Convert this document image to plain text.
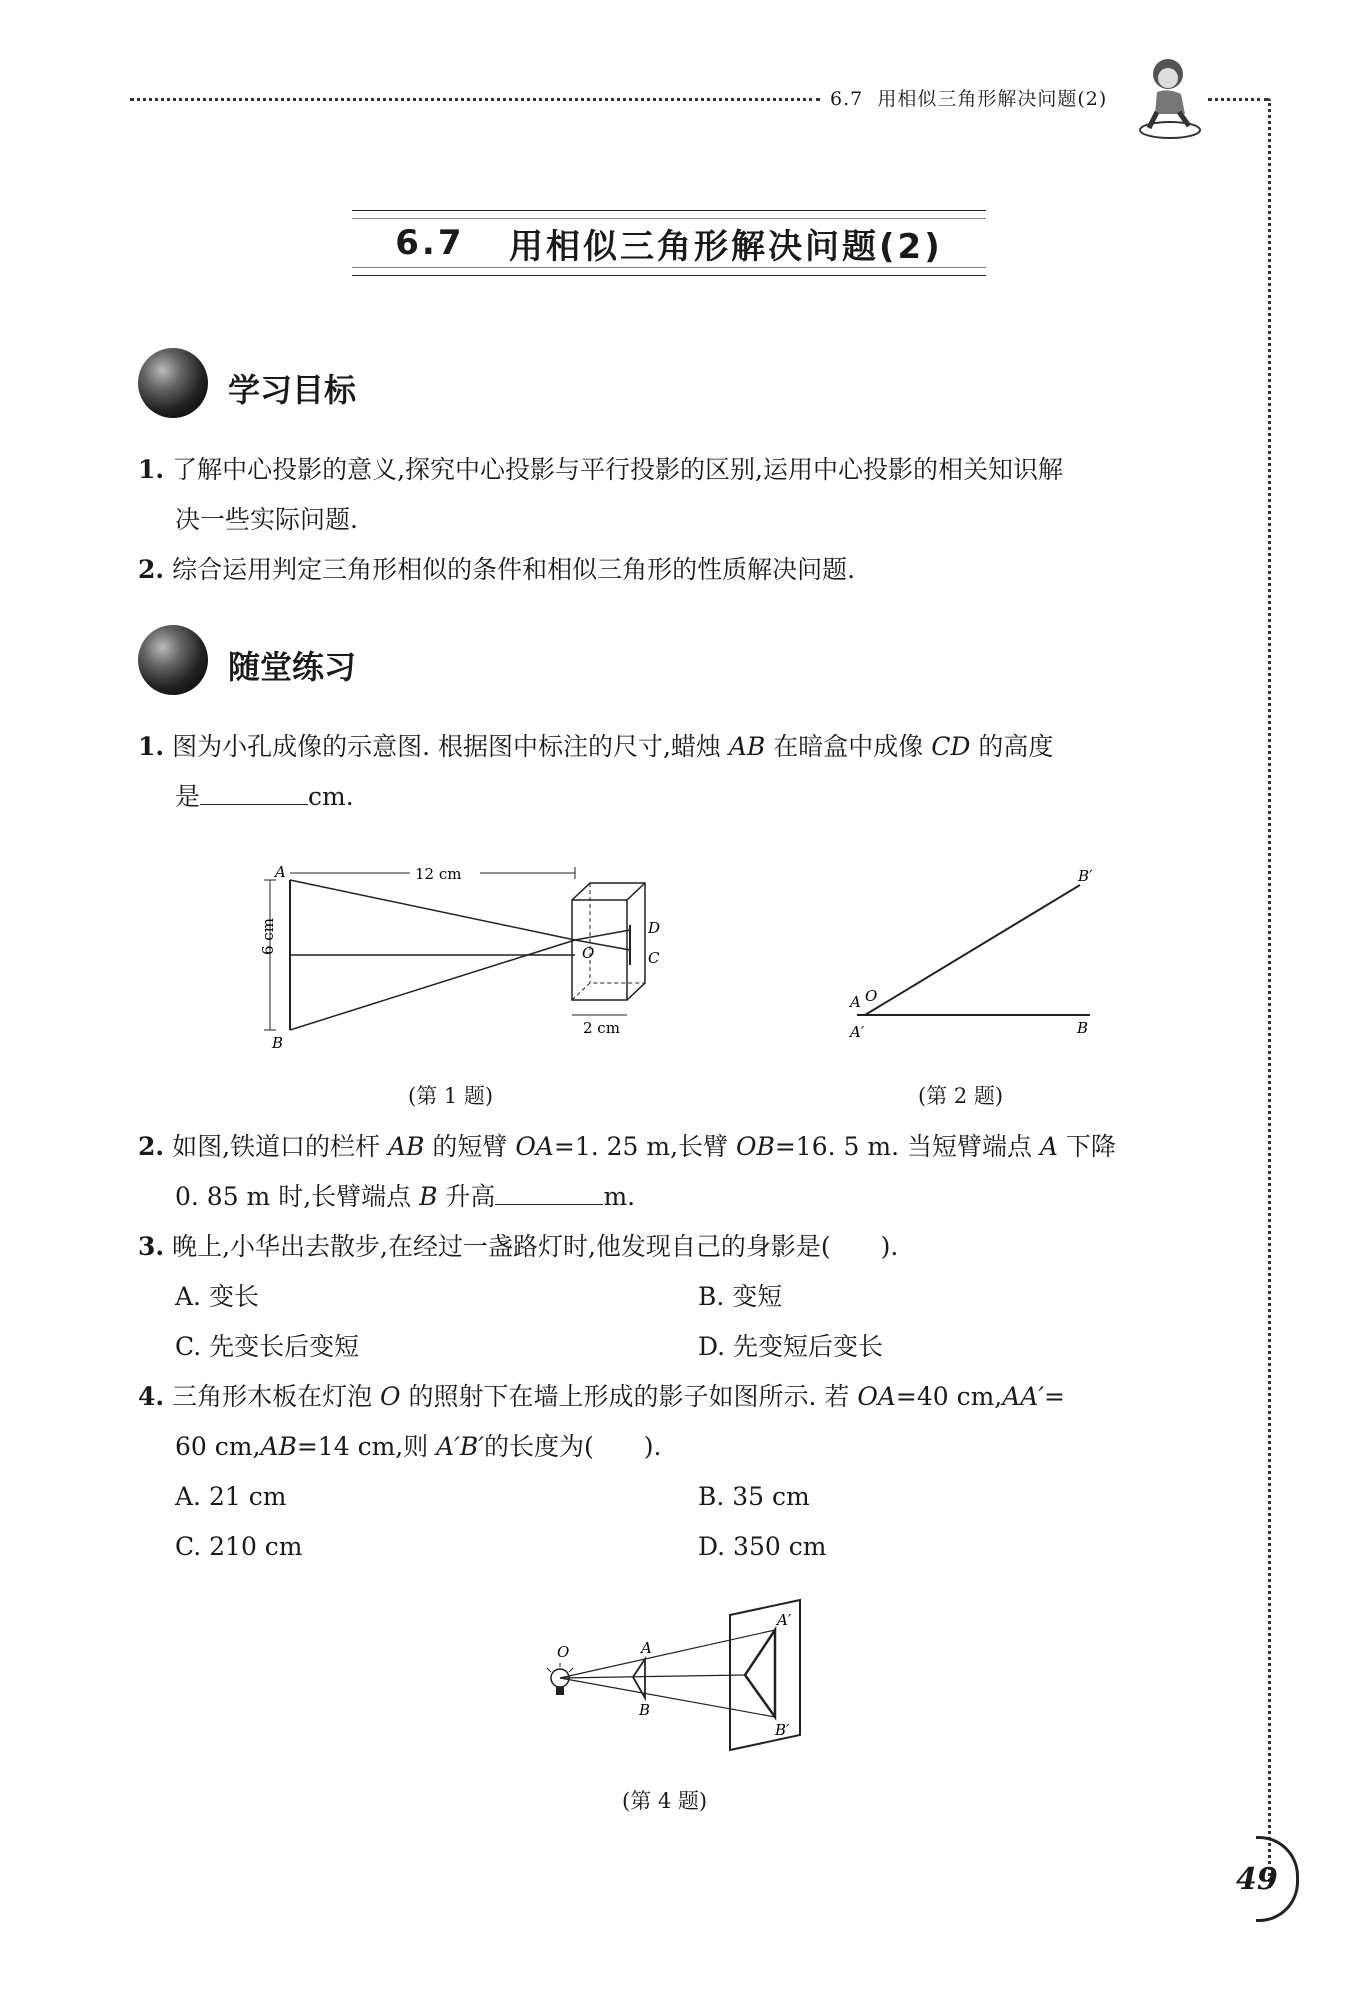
6.7 用相似三角形解决问题(2)
6.7
用相似三角形解决问题(2)
学习目标
1. 了解中心投影的意义,探究中心投影与平行投影的区别,运用中心投影的相关知识解
决一些实际问题.
2. 综合运用判定三角形相似的条件和相似三角形的性质解决问题.
随堂练习
1. 图为小孔成像的示意图. 根据图中标注的尺寸,蜡烛 AB 在暗盒中成像 CD 的高度
是	cm.
12 cm
6 cm
2 cm
A
B
D
C
O
(第 1 题)
A O
A′
B′
B
(第 2 题)
2. 如图,铁道口的栏杆 AB 的短臂 OA=1. 25 m,长臂 OB=16. 5 m. 当短臂端点 A 下降
0. 85 m 时,长臂端点 B 升高	m.
3. 晚上,小华出去散步,在经过一盏路灯时,他发现自己的身影是(　　).
A. 变长	B. 变短
C. 先变长后变短	D. 先变短后变长
4. 三角形木板在灯泡 O 的照射下在墙上形成的影子如图所示. 若 OA=40 cm,AA′=
60 cm,AB=14 cm,则 A′B′的长度为(　　).
A. 21 cm	B. 35 cm
C. 210 cm	D. 350 cm
O	A
B
A′
B′
(第 4 题)
49
